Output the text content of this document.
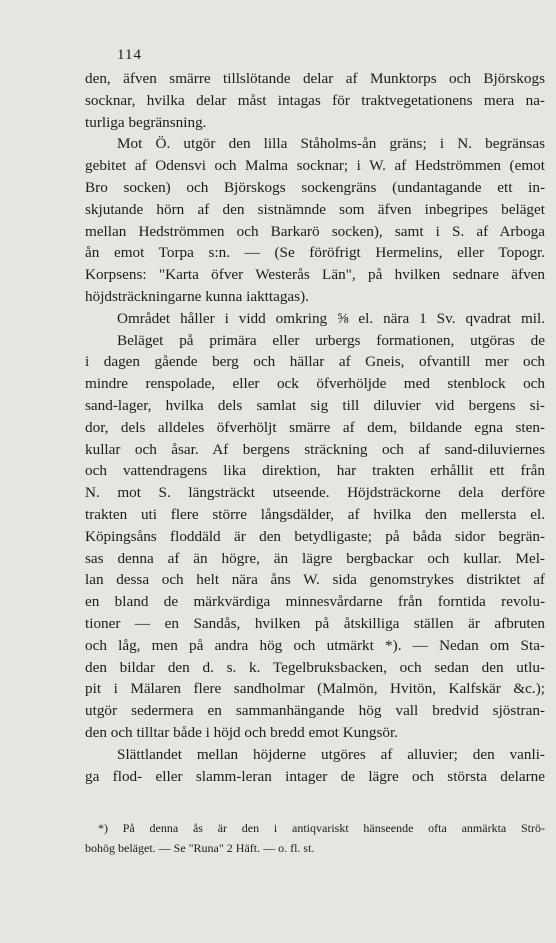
114
den, äfven smärre tillslötande delar af Munktorps och Björskogs
socknar, hvilka delar måst intagas för traktvegetationens mera na-
turliga begränsning.
Mot Ö. utgör den lilla Ståholms-ån gräns; i N. begränsas
gebitet af Odensvi och Malma socknar; i W. af Hedströmmen (emot
Bro socken) och Björskogs sockengräns (undantagande ett in-
skjutande hörn af den sistnämnde som äfven inbegripes beläget
mellan Hedströmmen och Barkarö socken), samt i S. af Arboga
ån emot Torpa s:n. — (Se föröfrigt Hermelins, eller Topogr.
Korpsens: "Karta öfver Westerås Län", på hvilken sednare äfven
höjdsträckningarne kunna iakttagas).
Området håller i vidd omkring ⅝ el. nära 1 Sv. qvadrat mil.
Beläget på primära eller urbergs formationen, utgöras de
i dagen gående berg och hällar af Gneis, ofvantill mer och
mindre renspolade, eller ock öfverhöljde med stenblock och
sand-lager, hvilka dels samlat sig till diluvier vid bergens si-
dor, dels alldeles öfverhöljt smärre af dem, bildande egna sten-
kullar och åsar. Af bergens sträckning och af sand-diluviernes
och vattendragens lika direktion, har trakten erhållit ett från
N. mot S. längsträckt utseende. Höjdsträckorne dela derföre
trakten uti flere större långsdälder, af hvilka den mellersta el.
Köpingsåns floddäld är den betydligaste; på båda sidor begrän-
sas denna af än högre, än lägre bergbackar och kullar. Mel-
lan dessa och helt nära åns W. sida genomstrykes distriktet af
en bland de märkvärdiga minnesvårdarne från forntida revolu-
tioner — en Sandås, hvilken på åtskilliga ställen är afbruten
och låg, men på andra hög och utmärkt *). — Nedan om Sta-
den bildar den d. s. k. Tegelbruksbacken, och sedan den utlu-
pit i Mälaren flere sandholmar (Malmön, Hvitön, Kalfskär &c.);
utgör sedermera en sammanhängande hög vall bredvid sjöstran-
den och tilltar både i höjd och bredd emot Kungsör.
Slättlandet mellan höjderne utgöres af alluvier; den vanli-
ga flod- eller slamm-leran intager de lägre och största delarne
*) På denna ås är den i antiqvariskt hänseende ofta anmärkta Strö-
bohög beläget. — Se "Runa" 2 Häft. — o. fl. st.
